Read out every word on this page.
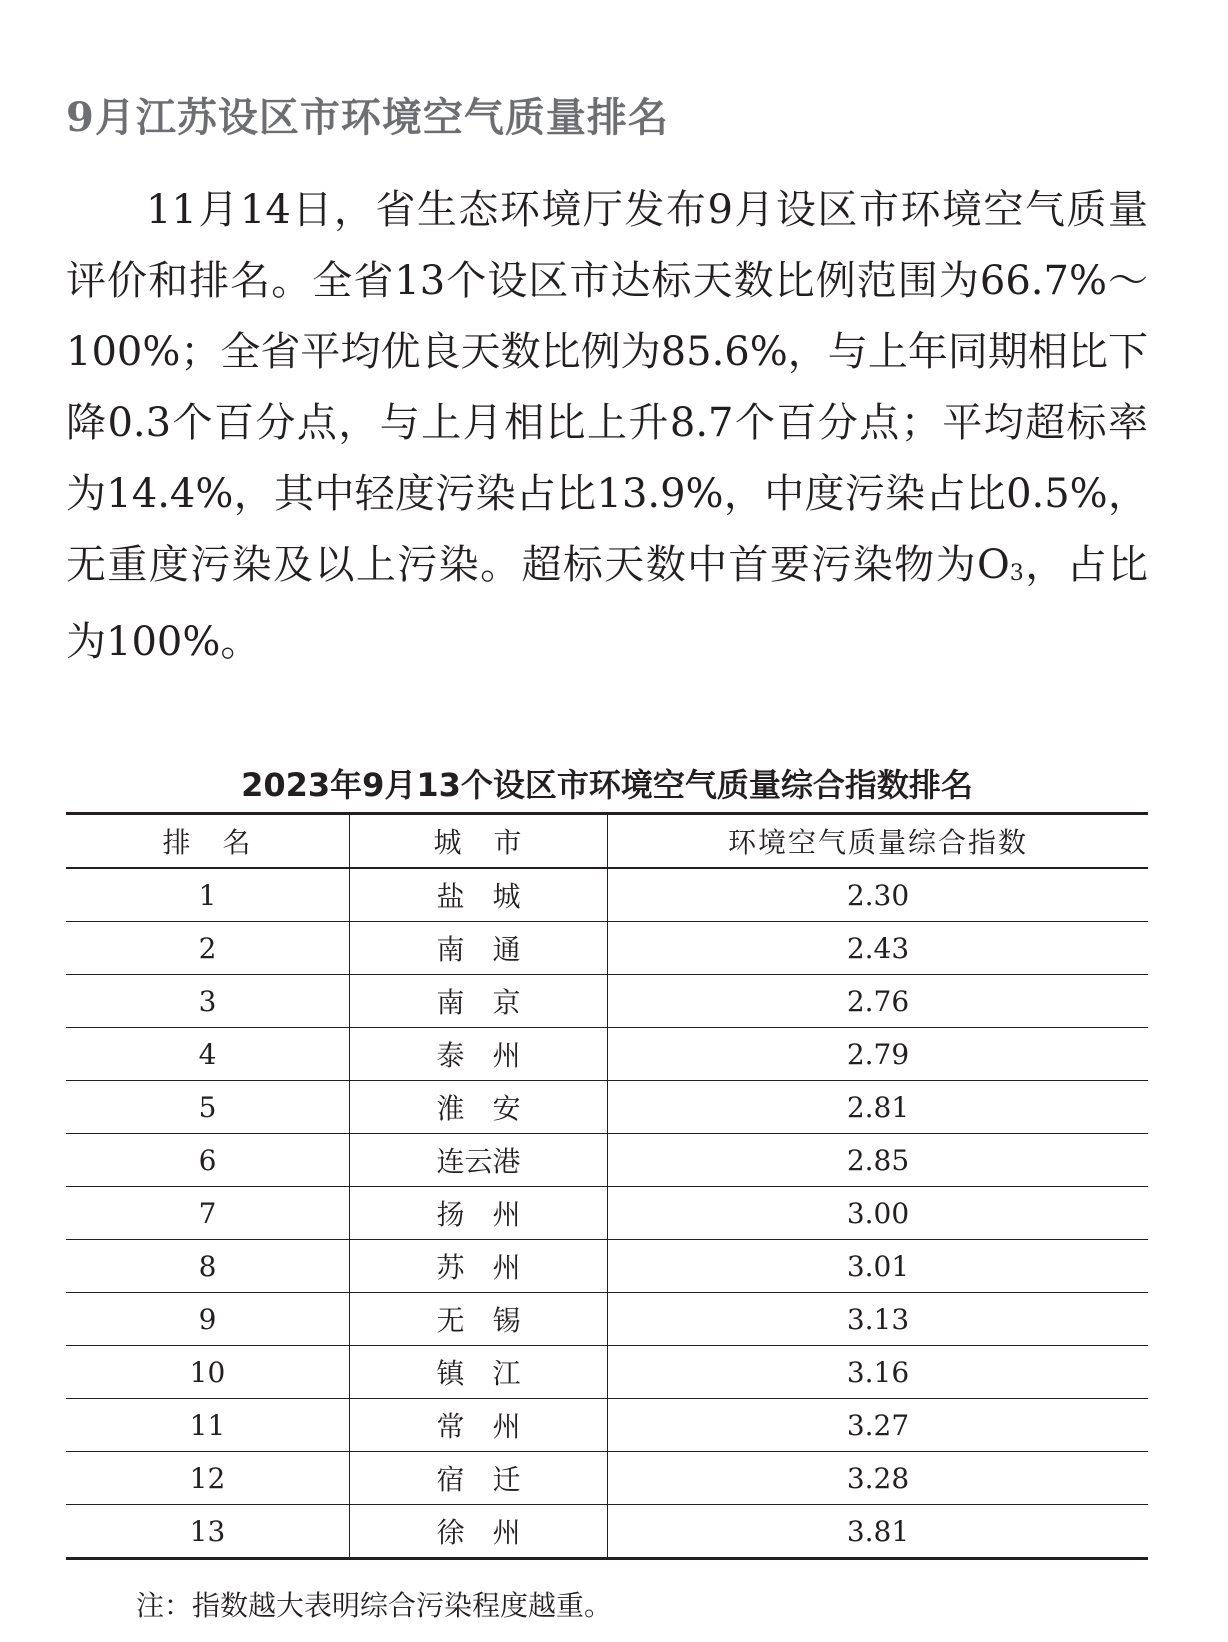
9月江苏设区市环境空气质量排名

11月14日，省生态环境厅发布9月设区市环境空气质量评价和排名。全省13个设区市达标天数比例范围为66.7%～100%；全省平均优良天数比例为85.6%，与上年同期相比下降0.3个百分点，与上月相比上升8.7个百分点；平均超标率为14.4%，其中轻度污染占比13.9%，中度污染占比0.5%，无重度污染及以上污染。超标天数中首要污染物为$O_3$，占比为100%。

2023年9月13个设区市环境空气质量综合指数排名
排　名	城　市	环境空气质量综合指数
1	盐　城	2.30
2	南　通	2.43
3	南　京	2.76
4	泰　州	2.79
5	淮　安	2.81
6	连云港	2.85
7	扬　州	3.00
8	苏　州	3.01
9	无　锡	3.13
10	镇　江	3.16
11	常　州	3.27
12	宿　迁	3.28
13	徐　州	3.81
注：指数越大表明综合污染程度越重。
